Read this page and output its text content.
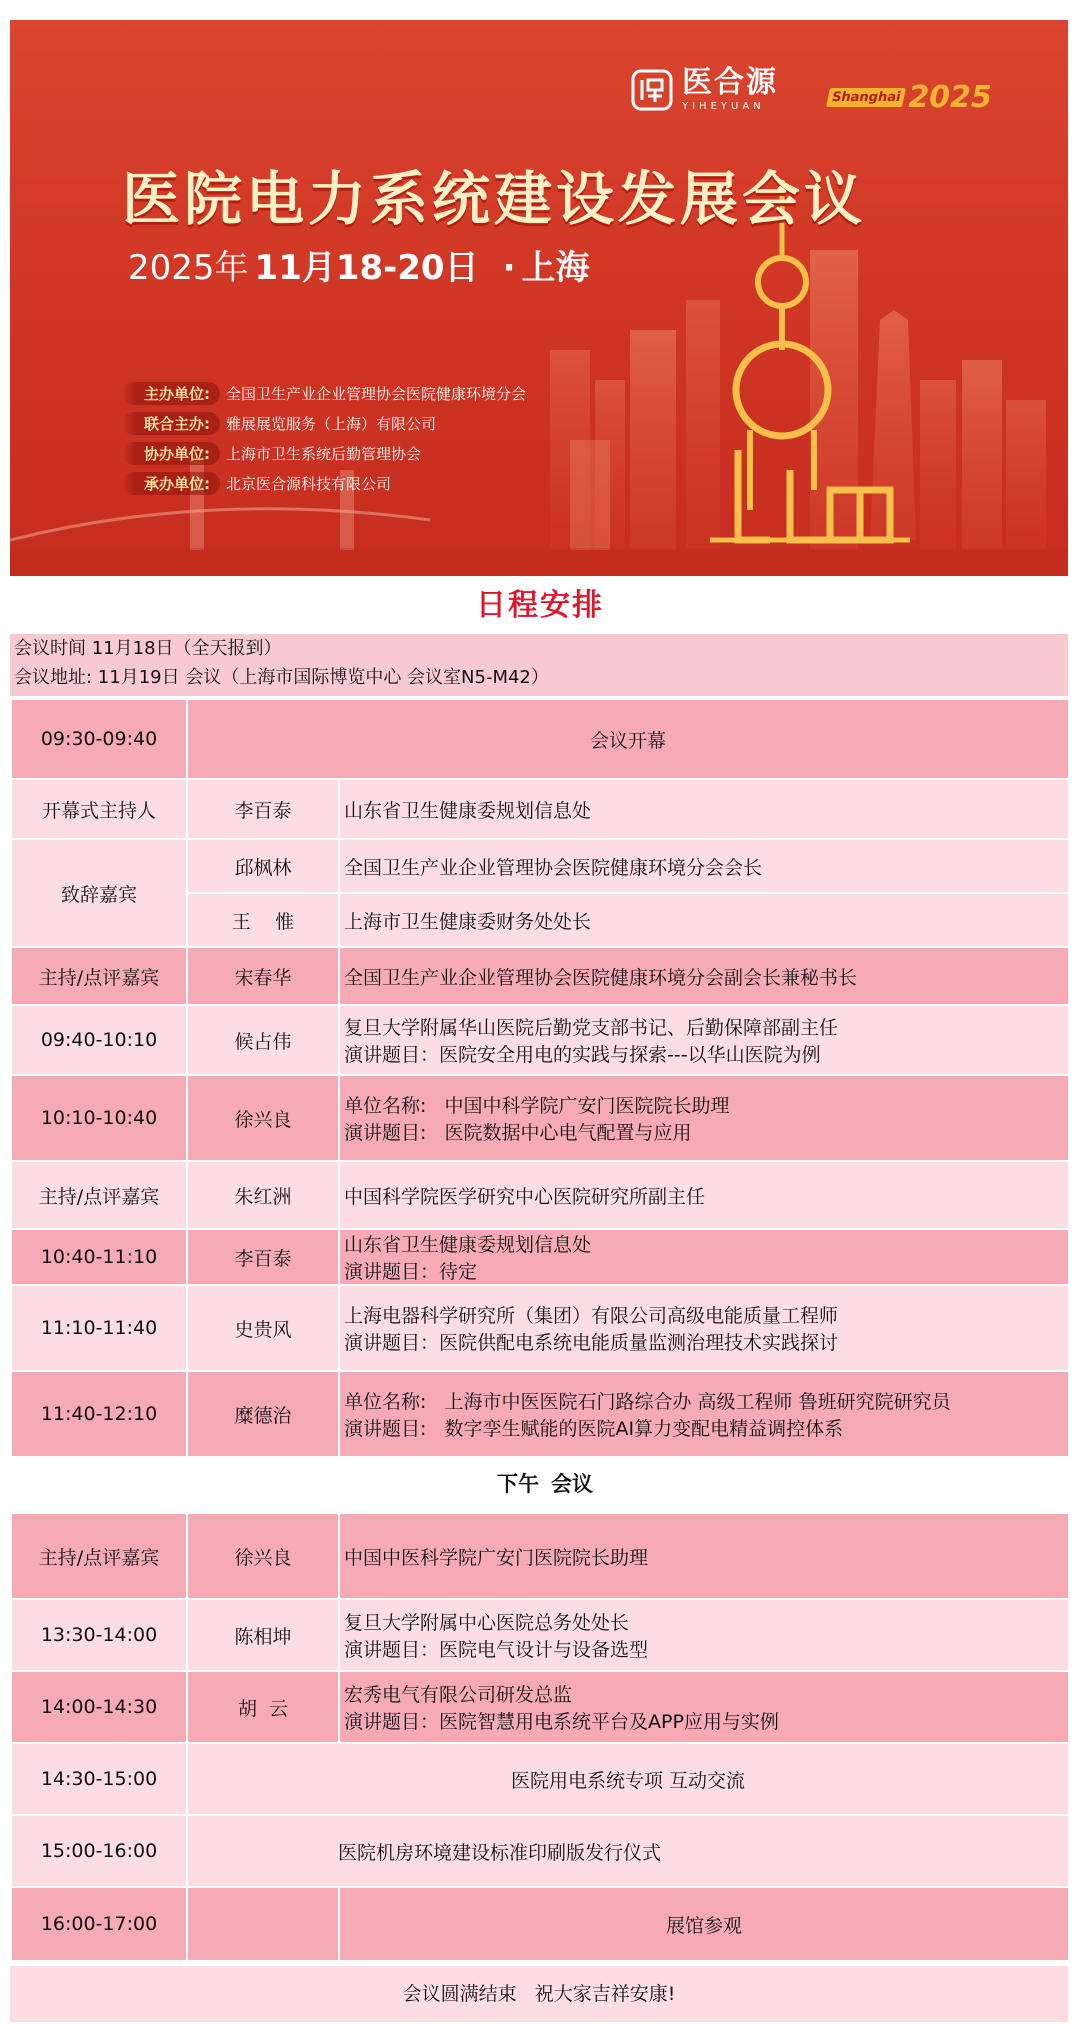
医合源
YIHEYUAN
Shanghai 2025
医院电力系统建设发展会议
2025年 11月18-20日 · 上海
主办单位:	全国卫生产业企业管理协会医院健康环境分会
联合主办:	雅展展览服务（上海）有限公司
协办单位:	上海市卫生系统后勤管理协会
承办单位:	北京医合源科技有限公司
日程安排
会议时间 11月18日（全天报到）
会议地址: 11月19日 会议（上海市国际博览中心 会议室N5-M42）
09:30-09:40	会议开幕	
开幕式主持人	李百泰	山东省卫生健康委规划信息处
致辞嘉宾	邱枫林	全国卫生产业企业管理协会医院健康环境分会会长
	王    惟	上海市卫生健康委财务处处长
主持/点评嘉宾	宋春华	全国卫生产业企业管理协会医院健康环境分会副会长兼秘书长
09:40-10:10	候占伟	复旦大学附属华山医院后勤党支部书记、后勤保障部副主任
演讲题目：医院安全用电的实践与探索---以华山医院为例

10:10-10:40	徐兴良	单位名称:   中国中科学院广安门医院院长助理
演讲题目:   医院数据中心电气配置与应用

主持/点评嘉宾	朱红洲	中国科学院医学研究中心医院研究所副主任
10:40-11:10	李百泰	山东省卫生健康委规划信息处
演讲题目：待定

11:10-11:40	史贵风	上海电器科学研究所（集团）有限公司高级电能质量工程师
演讲题目：医院供配电系统电能质量监测治理技术实践探讨

11:40-12:10	糜德治	单位名称:   上海市中医医院石门路综合办 高级工程师 鲁班研究院研究员
演讲题目:   数字孪生赋能的医院AI算力变配电精益调控体系
下午 会议
主持/点评嘉宾	徐兴良	中国中医科学院广安门医院院长助理
13:30-14:00	陈相坤	复旦大学附属中心医院总务处处长
演讲题目：医院电气设计与设备选型

14:00-14:30	胡  云	宏秀电气有限公司研发总监
演讲题目：医院智慧用电系统平台及APP应用与实例

14:30-15:00	医院用电系统专项 互动交流	
15:00-16:00	医院机房环境建设标准印刷版发行仪式	
16:00-17:00		展馆参观
会议圆满结束 祝大家吉祥安康!
